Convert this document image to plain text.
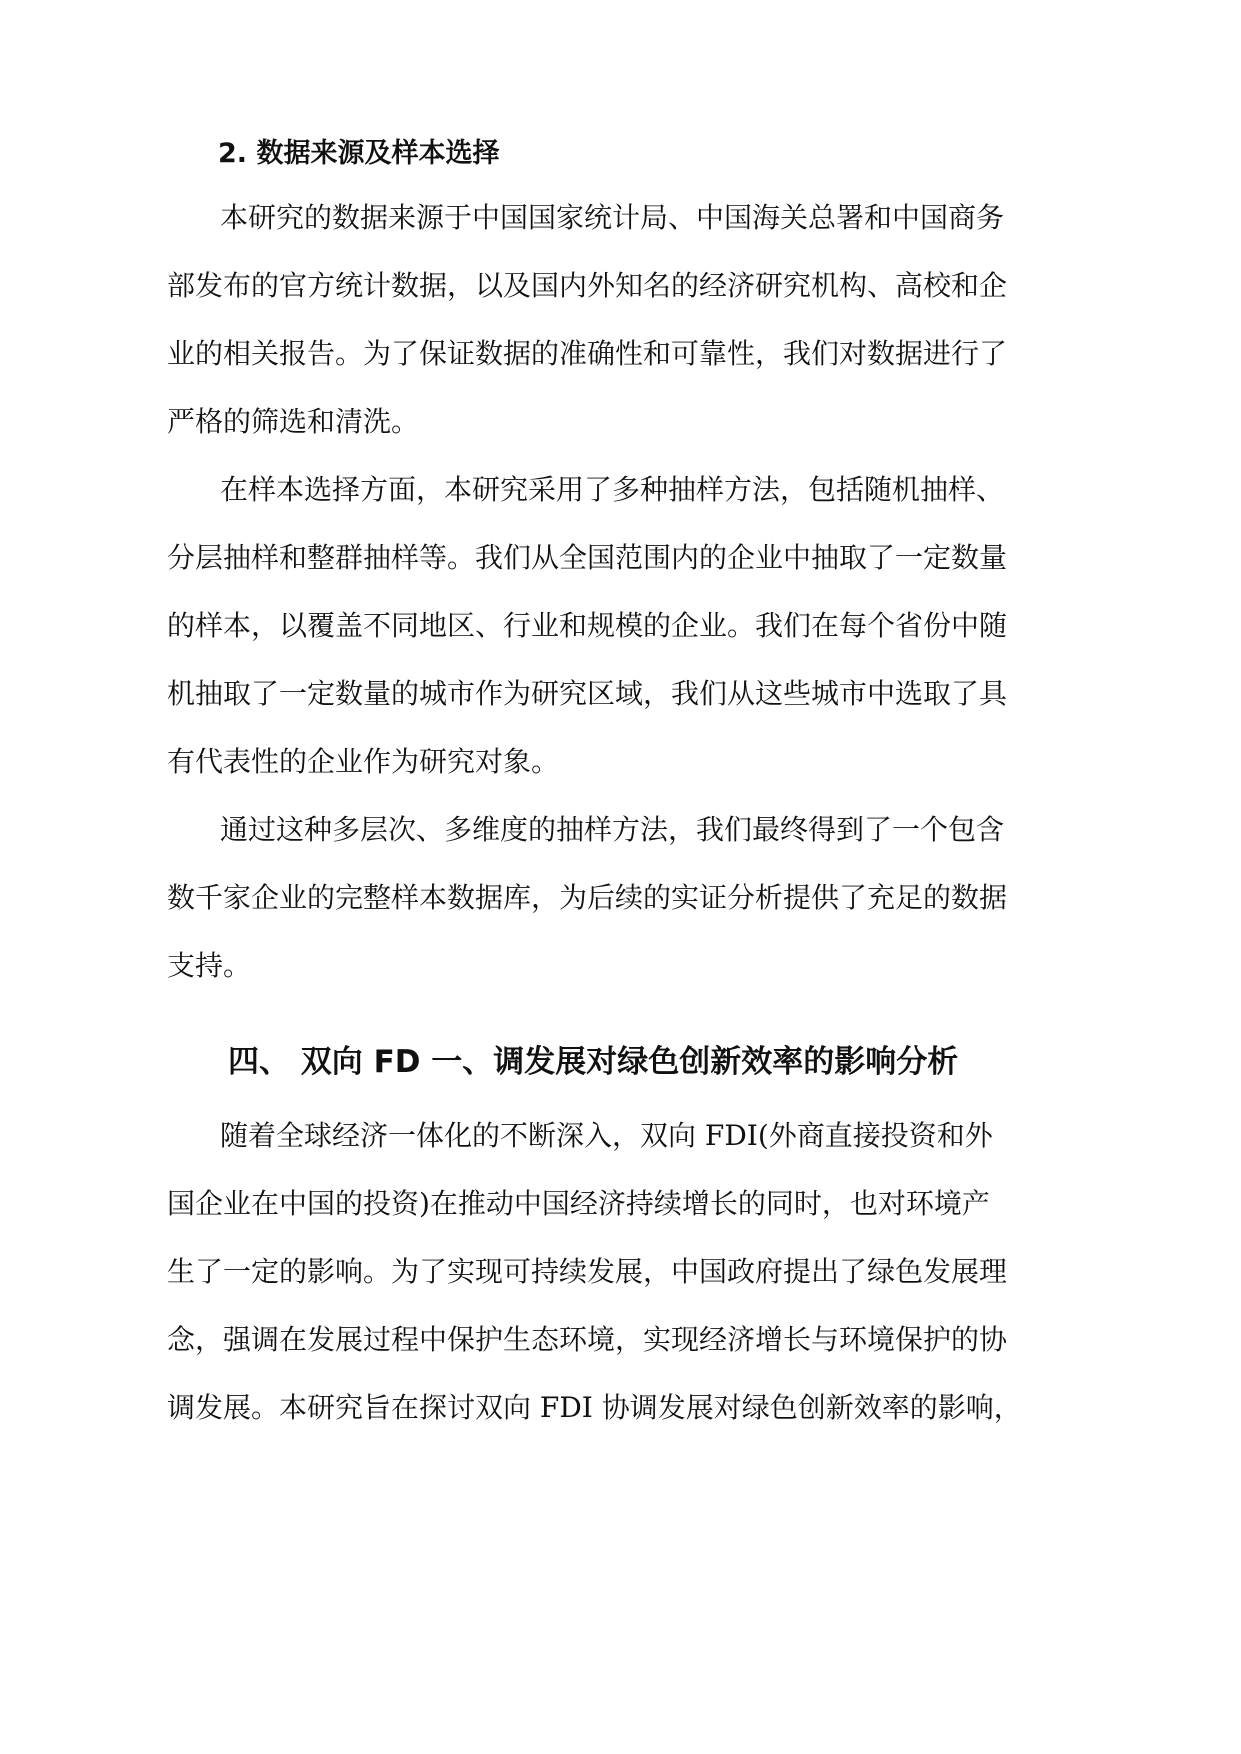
2. 数据来源及样本选择
本研究的数据来源于中国国家统计局、中国海关总署和中国商务
部发布的官方统计数据，以及国内外知名的经济研究机构、高校和企
业的相关报告。为了保证数据的准确性和可靠性，我们对数据进行了
严格的筛选和清洗。
在样本选择方面，本研究采用了多种抽样方法，包括随机抽样、
分层抽样和整群抽样等。我们从全国范围内的企业中抽取了一定数量
的样本，以覆盖不同地区、行业和规模的企业。我们在每个省份中随
机抽取了一定数量的城市作为研究区域，我们从这些城市中选取了具
有代表性的企业作为研究对象。
通过这种多层次、多维度的抽样方法，我们最终得到了一个包含
数千家企业的完整样本数据库，为后续的实证分析提供了充足的数据
支持。
四、 双向 FD 一、调发展对绿色创新效率的影响分析
随着全球经济一体化的不断深入，双向 FDI(外商直接投资和外
国企业在中国的投资)在推动中国经济持续增长的同时，也对环境产
生了一定的影响。为了实现可持续发展，中国政府提出了绿色发展理
念，强调在发展过程中保护生态环境，实现经济增长与环境保护的协
调发展。本研究旨在探讨双向 FDI 协调发展对绿色创新效率的影响，
